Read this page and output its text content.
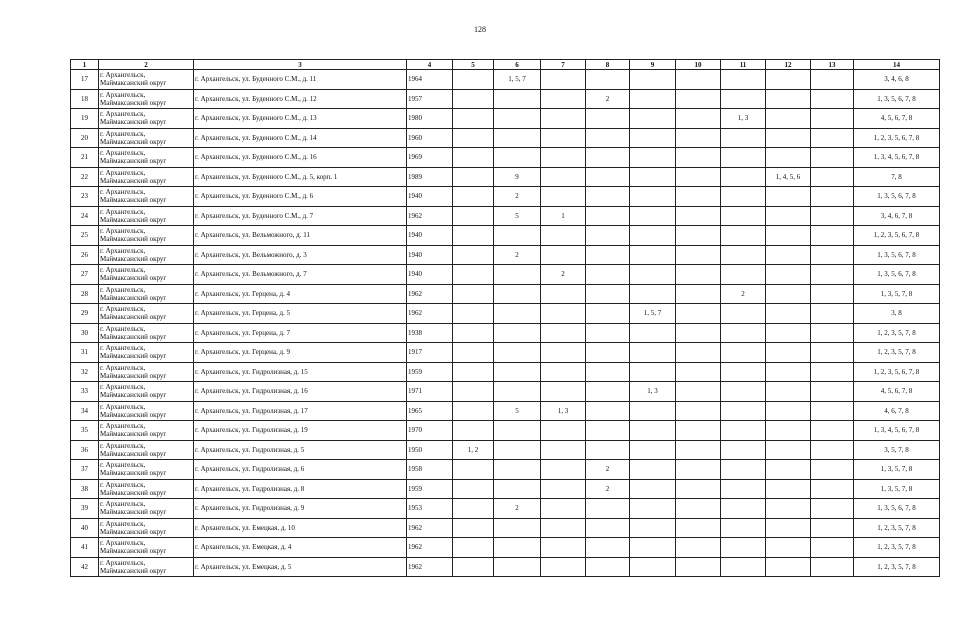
128
1	2	3	4	5	6	7	8	9	10	11	12	13	14
17	г. Архангельск, Маймаксанский округ	г. Архангельск, ул. Буденного С.М., д. 11	1964		1, 5, 7								3, 4, 6, 8
18	г. Архангельск, Маймаксанский округ	г. Архангельск, ул. Буденного С.М., д. 12	1957				2						1, 3, 5, 6, 7, 8
19	г. Архангельск, Маймаксанский округ	г. Архангельск, ул. Буденного С.М., д. 13	1980							1, 3			4, 5, 6, 7, 8
20	г. Архангельск, Маймаксанский округ	г. Архангельск, ул. Буденного С.М., д. 14	1960										1, 2, 3, 5, 6, 7, 8
21	г. Архангельск, Маймаксанский округ	г. Архангельск, ул. Буденного С.М., д. 16	1969										1, 3, 4, 5, 6, 7, 8
22	г. Архангельск, Маймаксанский округ	г. Архангельск, ул. Буденного С.М., д. 5, корп. 1	1989		9						1, 4, 5, 6		7, 8
23	г. Архангельск, Маймаксанский округ	г. Архангельск, ул. Буденного С.М., д. 6	1940		2								1, 3, 5, 6, 7, 8
24	г. Архангельск, Маймаксанский округ	г. Архангельск, ул. Буденного С.М., д. 7	1962		5	1							3, 4, 6, 7, 8
25	г. Архангельск, Маймаксанский округ	г. Архангельск, ул. Вельможного, д. 11	1940										1, 2, 3, 5, 6, 7, 8
26	г. Архангельск, Маймаксанский округ	г. Архангельск, ул. Вельможного, д. 3	1940		2								1, 3, 5, 6, 7, 8
27	г. Архангельск, Маймаксанский округ	г. Архангельск, ул. Вельможного, д. 7	1940			2							1, 3, 5, 6, 7, 8
28	г. Архангельск, Маймаксанский округ	г. Архангельск, ул. Герцена, д. 4	1962							2			1, 3, 5, 7, 8
29	г. Архангельск, Маймаксанский округ	г. Архангельск, ул. Герцена, д. 5	1962					1, 5, 7					3, 8
30	г. Архангельск, Маймаксанский округ	г. Архангельск, ул. Герцена, д. 7	1938										1, 2, 3, 5, 7, 8
31	г. Архангельск, Маймаксанский округ	г. Архангельск, ул. Герцена, д. 9	1917										1, 2, 3, 5, 7, 8
32	г. Архангельск, Маймаксанский округ	г. Архангельск, ул. Гидролизная, д. 15	1959										1, 2, 3, 5, 6, 7, 8
33	г. Архангельск, Маймаксанский округ	г. Архангельск, ул. Гидролизная, д. 16	1971					1, 3					4, 5, 6, 7, 8
34	г. Архангельск, Маймаксанский округ	г. Архангельск, ул. Гидролизная, д. 17	1965		5	1, 3							4, 6, 7, 8
35	г. Архангельск, Маймаксанский округ	г. Архангельск, ул. Гидролизная, д. 19	1970										1, 3, 4, 5, 6, 7, 8
36	г. Архангельск, Маймаксанский округ	г. Архангельск, ул. Гидролизная, д. 5	1950	1, 2									3, 5, 7, 8
37	г. Архангельск, Маймаксанский округ	г. Архангельск, ул. Гидролизная, д. 6	1958				2						1, 3, 5, 7, 8
38	г. Архангельск, Маймаксанский округ	г. Архангельск, ул. Гидролизная, д. 8	1959				2						1, 3, 5, 7, 8
39	г. Архангельск, Маймаксанский округ	г. Архангельск, ул. Гидролизная, д. 9	1953		2								1, 3, 5, 6, 7, 8
40	г. Архангельск, Маймаксанский округ	г. Архангельск, ул. Емецкая, д. 10	1962										1, 2, 3, 5, 7, 8
41	г. Архангельск, Маймаксанский округ	г. Архангельск, ул. Емецкая, д. 4	1962										1, 2, 3, 5, 7, 8
42	г. Архангельск, Маймаксанский округ	г. Архангельск, ул. Емецкая, д. 5	1962										1, 2, 3, 5, 7, 8
